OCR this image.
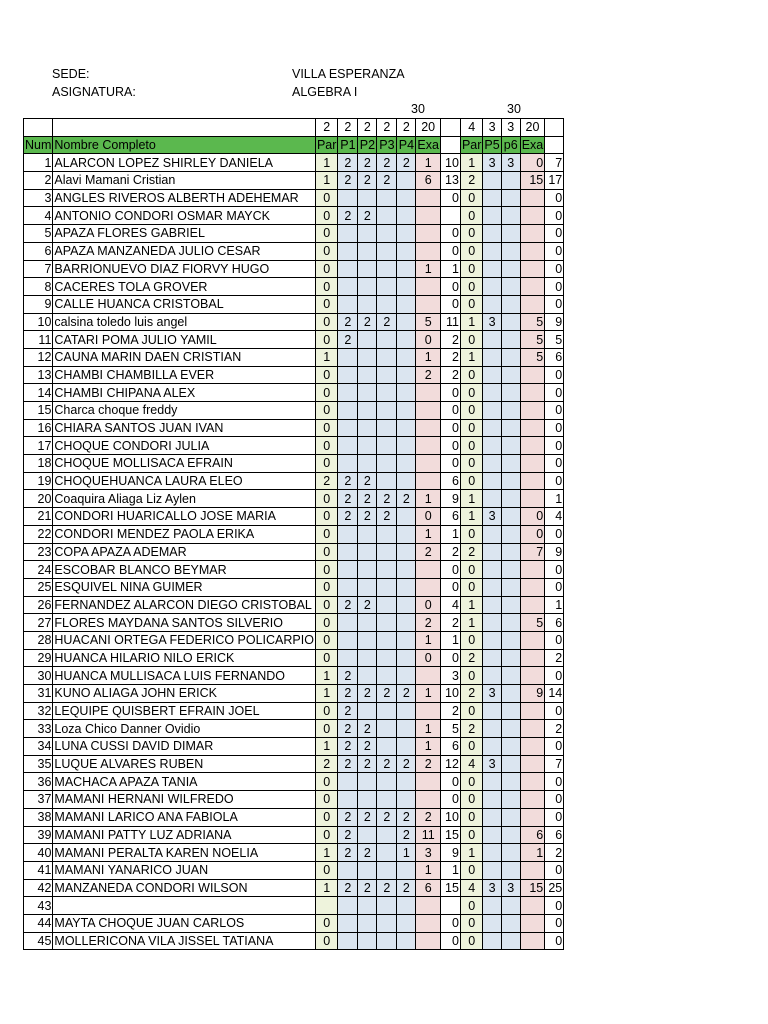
SEDE:	VILLA ESPERANZA
ASIGNATURA:	ALGEBRA I
30	30
		2	2	2	2	2	20		4	3	3	20	
Num	Nombre Completo	Par	P1	P2	P3	P4	Exa		Par	P5	p6	Exa	
1	ALARCON LOPEZ SHIRLEY DANIELA	1	2	2	2	2	1	10	1	3	3	0	7
2	Alavi Mamani Cristian	1	2	2	2		6	13	2			15	17
3	ANGLES RIVEROS ALBERTH ADEHEMAR	0						0	0				0
4	ANTONIO CONDORI OSMAR MAYCK	0	2	2					0				0
5	APAZA FLORES GABRIEL	0						0	0				0
6	APAZA MANZANEDA JULIO CESAR	0						0	0				0
7	BARRIONUEVO DIAZ FIORVY HUGO	0					1	1	0				0
8	CACERES TOLA GROVER	0						0	0				0
9	CALLE HUANCA CRISTOBAL	0						0	0				0
10	calsina toledo luis angel	0	2	2	2		5	11	1	3		5	9
11	CATARI POMA JULIO YAMIL	0	2				0	2	0			5	5
12	CAUNA MARIN DAEN CRISTIAN	1					1	2	1			5	6
13	CHAMBI CHAMBILLA EVER	0					2	2	0				0
14	CHAMBI CHIPANA ALEX	0						0	0				0
15	Charca choque freddy	0						0	0				0
16	CHIARA SANTOS JUAN IVAN	0						0	0				0
17	CHOQUE CONDORI JULIA	0						0	0				0
18	CHOQUE MOLLISACA EFRAIN	0						0	0				0
19	CHOQUEHUANCA LAURA ELEO	2	2	2				6	0				0
20	Coaquira Aliaga Liz Aylen	0	2	2	2	2	1	9	1				1
21	CONDORI HUARICALLO JOSE MARIA	0	2	2	2		0	6	1	3		0	4
22	CONDORI MENDEZ PAOLA ERIKA	0					1	1	0			0	0
23	COPA APAZA ADEMAR	0					2	2	2			7	9
24	ESCOBAR BLANCO BEYMAR	0						0	0				0
25	ESQUIVEL NINA GUIMER	0						0	0				0
26	FERNANDEZ ALARCON DIEGO CRISTOBAL	0	2	2			0	4	1				1
27	FLORES MAYDANA SANTOS SILVERIO	0					2	2	1			5	6
28	HUACANI ORTEGA FEDERICO POLICARPIO	0					1	1	0				0
29	HUANCA HILARIO NILO ERICK	0					0	0	2				2
30	HUANCA MULLISACA LUIS FERNANDO	1	2					3	0				0
31	KUNO ALIAGA JOHN ERICK	1	2	2	2	2	1	10	2	3		9	14
32	LEQUIPE QUISBERT EFRAIN JOEL	0	2					2	0				0
33	Loza Chico Danner Ovidio	0	2	2			1	5	2				2
34	LUNA CUSSI DAVID DIMAR	1	2	2			1	6	0				0
35	LUQUE ALVARES RUBEN	2	2	2	2	2	2	12	4	3			7
36	MACHACA APAZA TANIA	0						0	0				0
37	MAMANI HERNANI WILFREDO	0						0	0				0
38	MAMANI LARICO ANA FABIOLA	0	2	2	2	2	2	10	0				0
39	MAMANI PATTY LUZ ADRIANA	0	2			2	11	15	0			6	6
40	MAMANI PERALTA KAREN NOELIA	1	2	2		1	3	9	1			1	2
41	MAMANI YANARICO JUAN	0					1	1	0				0
42	MANZANEDA CONDORI WILSON	1	2	2	2	2	6	15	4	3	3	15	25
43									0				0
44	MAYTA CHOQUE JUAN CARLOS	0						0	0				0
45	MOLLERICONA VILA JISSEL TATIANA	0						0	0				0
